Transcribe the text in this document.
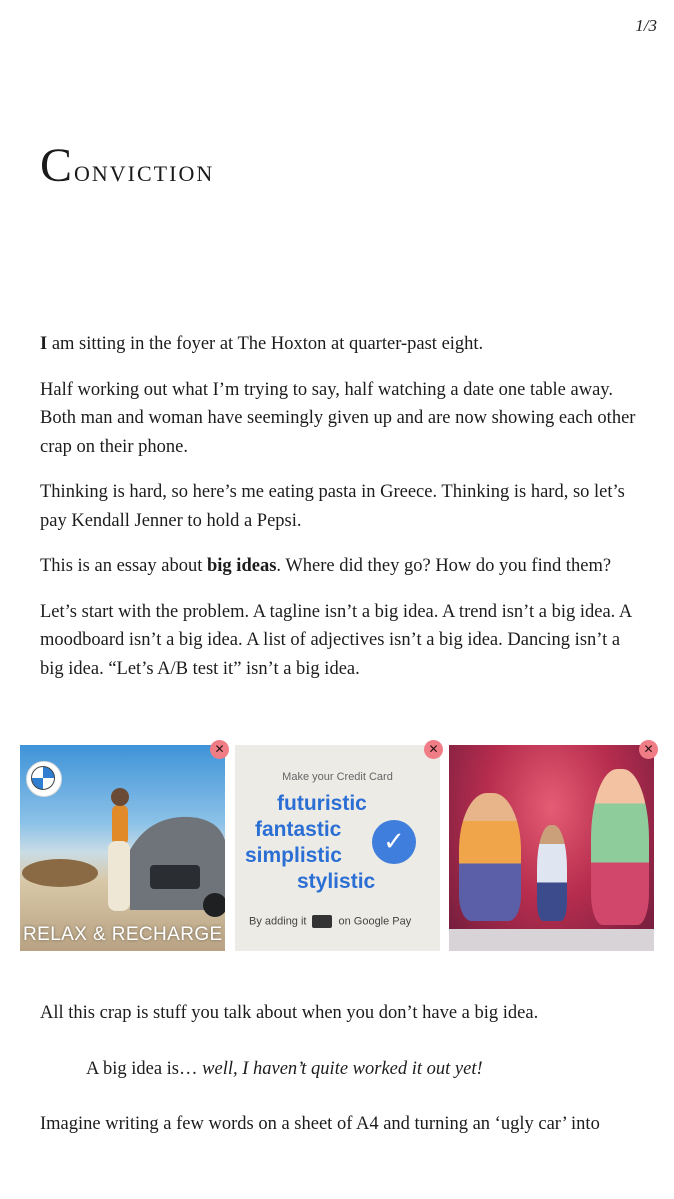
1/3
Conviction

I am sitting in the foyer at The Hoxton at quarter-past eight.

Half working out what I’m trying to say, half watching a date one table away. Both man and woman have seemingly given up and are now showing each other crap on their phone.

Thinking is hard, so here’s me eating pasta in Greece. Thinking is hard, so let’s pay Kendall Jenner to hold a Pepsi.

This is an essay about big ideas. Where did they go? How do you find them?

Let’s start with the problem. A tagline isn’t a big idea. A trend isn’t a big idea. A moodboard isn’t a big idea. A list of adjectives isn’t a big idea. Dancing isn’t a big idea. “Let’s A/B test it” isn’t a big idea.

RELAX & RECHARGE
Make your Credit Card
futuristic
fantastic
simplistic
stylistic
✓
By adding it	on Google Pay
✕	✕	✕

All this crap is stuff you talk about when you don’t have a big idea.

A big idea is… well, I haven’t quite worked it out yet!

Imagine writing a few words on a sheet of A4 and turning an ‘ugly car’ into
